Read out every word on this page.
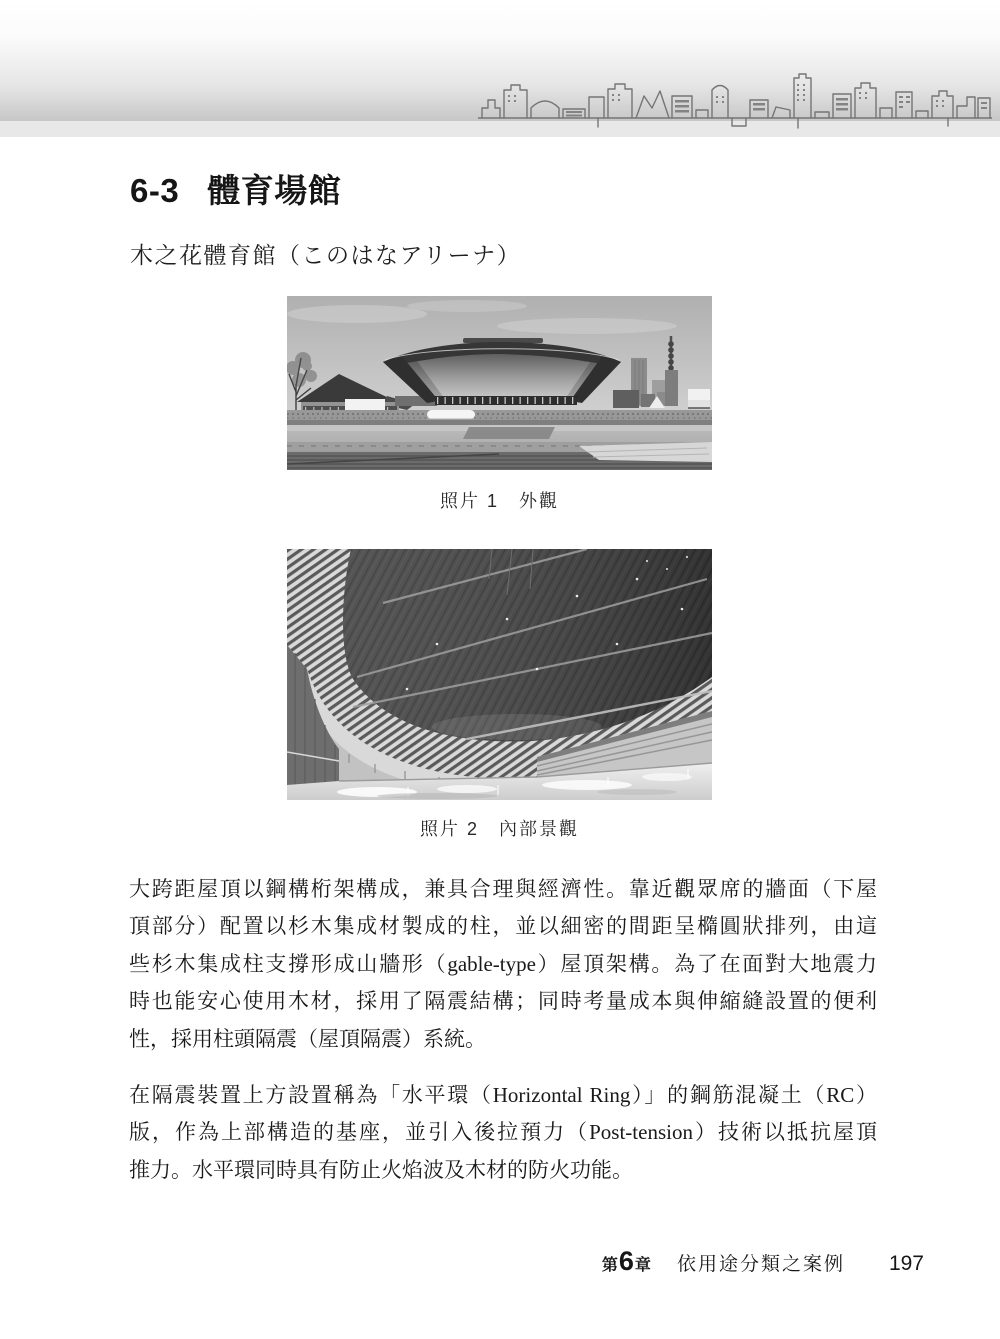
6-3 體育場館
木之花體育館（このはなアリーナ）
照片 1　外觀
照片 2　內部景觀
大跨距屋頂以鋼構桁架構成，兼具合理與經濟性。靠近觀眾席的牆面（下屋
頂部分）配置以杉木集成材製成的柱，並以細密的間距呈橢圓狀排列，由這
些杉木集成柱支撐形成山牆形（gable-type）屋頂架構。為了在面對大地震力
時也能安心使用木材，採用了隔震結構；同時考量成本與伸縮縫設置的便利
性，採用柱頭隔震（屋頂隔震）系統。
在隔震裝置上方設置稱為「水平環（Horizontal Ring）」的鋼筋混凝土（RC）
版，作為上部構造的基座，並引入後拉預力（Post-tension）技術以抵抗屋頂
推力。水平環同時具有防止火焰波及木材的防火功能。
第 6 章 依用途分類之案例 197
